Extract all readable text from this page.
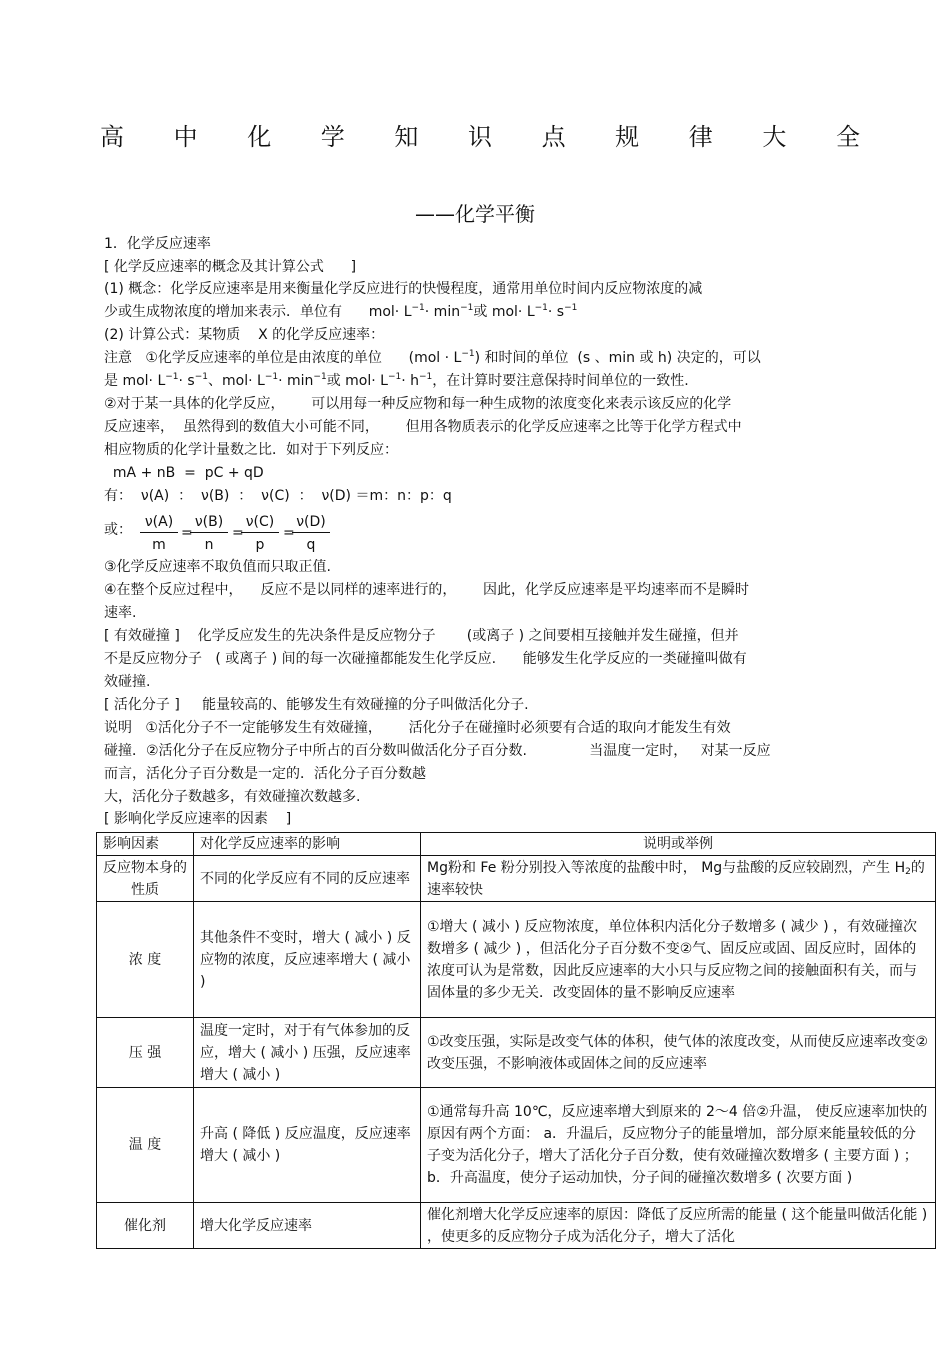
高 中 化 学 知 识 点 规 律 大 全
——化学平衡
1．化学反应速率
[ 化学反应速率的概念及其计算公式      ]
(1) 概念：化学反应速率是用来衡量化学反应进行的快慢程度，通常用单位时间内反应物浓度的减
少或生成物浓度的增加来表示．单位有      $mol\cdot L^{-1}\cdot \min^{-1}$或 $mol\cdot L^{-1}\cdot s^{-1}$
(2) 计算公式：某物质    X 的化学反应速率：
注意   ①化学反应速率的单位是由浓度的单位      $(mol \cdot L^{-1})$ 和时间的单位  (s 、min 或 h) 决定的，可以
是 $mol\cdot L^{-1}\cdot s^{-1}$、$mol\cdot L^{-1}\cdot \min^{-1}$或 $mol\cdot L^{-1}\cdot h^{-1}$，在计算时要注意保持时间单位的一致性.
②对于某一具体的化学反应，      可以用每一种反应物和每一种生成物的浓度变化来表示该反应的化学
反应速率，  虽然得到的数值大小可能不同，      但用各物质表示的化学反应速率之比等于化学方程式中
相应物质的化学计量数之比．如对于下列反应：
mA + nB  =  pC + qD
有：  ν(A)  ：  ν(B)  ：  ν(C)  ：  ν(D) ＝m：n：p：q
或： $\frac{\nu(A)}{m}$ =
$\frac{\nu(B)}{n}$ =
$\frac{\nu(C)}{p}$ =
$\frac{\nu(D)}{q}$
③化学反应速率不取负值而只取正值.
④在整个反应过程中，    反应不是以同样的速率进行的，      因此，化学反应速率是平均速率而不是瞬时
速率.
[ 有效碰撞 ]    化学反应发生的先决条件是反应物分子       (或离子 ) 之间要相互接触并发生碰撞，但并
不是反应物分子   ( 或离子 ) 间的每一次碰撞都能发生化学反应.      能够发生化学反应的一类碰撞叫做有
效碰撞.
[ 活化分子 ]     能量较高的、能够发生有效碰撞的分子叫做活化分子.
说明   ①活化分子不一定能够发生有效碰撞，      活化分子在碰撞时必须要有合适的取向才能发生有效
碰撞．②活化分子在反应物分子中所占的百分数叫做活化分子百分数.              当温度一定时，   对某一反应
而言，活化分子百分数是一定的．活化分子百分数越
大，活化分子数越多，有效碰撞次数越多.
[ 影响化学反应速率的因素    ]
影响因素	对化学反应速率的影响	说明或举例
反应物本身的性质	不同的化学反应有不同的反应速率	Mg粉和 Fe 粉分别投入等浓度的盐酸中时， Mg与盐酸的反应较剧烈，产生 $H_2$的速率较快
浓 度	其他条件不变时，增大 ( 减小 ) 反应物的浓度，反应速率增大 ( 减小 )	①增大 ( 减小 ) 反应物浓度，单位体积内活化分子数增多 ( 减少 ) ，有效碰撞次数增多 ( 减少 ) ，但活化分子百分数不变②气、固反应或固、固反应时，固体的浓度可认为是常数，因此反应速率的大小只与反应物之间的接触面积有关，而与固体量的多少无关．改变固体的量不影响反应速率
压 强	温度一定时，对于有气体参加的反应，增大 ( 减小 ) 压强，反应速率增大 ( 减小 )	①改变压强，实际是改变气体的体积，使气体的浓度改变，从而使反应速率改变②改变压强，不影响液体或固体之间的反应速率
温 度	升高 ( 降低 ) 反应温度，反应速率增大 ( 减小 )	①通常每升高 10℃，反应速率增大到原来的 2～4 倍②升温， 使反应速率加快的原因有两个方面： a．升温后，反应物分子的能量增加，部分原来能量较低的分子变为活化分子，增大了活化分子百分数，使有效碰撞次数增多 ( 主要方面 ) ；b．升高温度，使分子运动加快，分子间的碰撞次数增多 ( 次要方面 )
催化剂	增大化学反应速率	催化剂增大化学反应速率的原因：降低了反应所需的能量 ( 这个能量叫做活化能 ) ，使更多的反应物分子成为活化分子，增大了活化
